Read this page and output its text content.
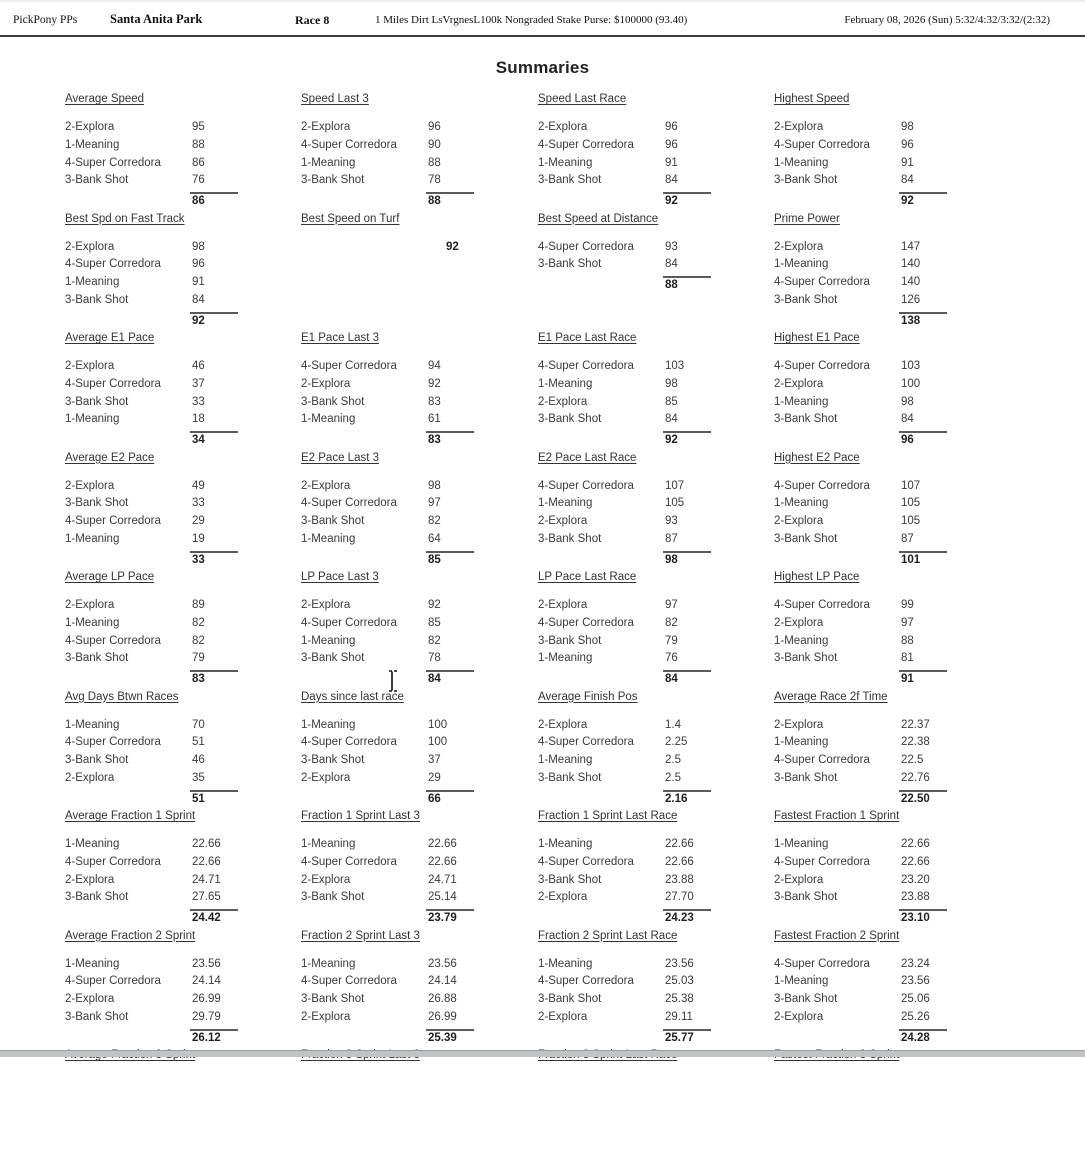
PickPony PPs	Santa Anita Park	Race 8	1 Miles Dirt LsVrgnesL100k Nongraded Stake Purse: $100000 (93.40)	February 08, 2026 (Sun) 5:32/4:32/3:32/(2:32)
Summaries
Average Speed
2-Explora	95
1-Meaning	88
4-Super Corredora	86
3-Bank Shot	76
86
Speed Last 3
2-Explora	96
4-Super Corredora	90
1-Meaning	88
3-Bank Shot	78
88
Speed Last Race
2-Explora	96
4-Super Corredora	96
1-Meaning	91
3-Bank Shot	84
92
Highest Speed
2-Explora	98
4-Super Corredora	96
1-Meaning	91
3-Bank Shot	84
92
Best Spd on Fast Track
2-Explora	98
4-Super Corredora	96
1-Meaning	91
3-Bank Shot	84
92
Best Speed on Turf
92
Best Speed at Distance
4-Super Corredora	93
3-Bank Shot	84
88
Prime Power
2-Explora	147
1-Meaning	140
4-Super Corredora	140
3-Bank Shot	126
138
Average E1 Pace
2-Explora	46
4-Super Corredora	37
3-Bank Shot	33
1-Meaning	18
34
E1 Pace Last 3
4-Super Corredora	94
2-Explora	92
3-Bank Shot	83
1-Meaning	61
83
E1 Pace Last Race
4-Super Corredora	103
1-Meaning	98
2-Explora	85
3-Bank Shot	84
92
Highest E1 Pace
4-Super Corredora	103
2-Explora	100
1-Meaning	98
3-Bank Shot	84
96
Average E2 Pace
2-Explora	49
3-Bank Shot	33
4-Super Corredora	29
1-Meaning	19
33
E2 Pace Last 3
2-Explora	98
4-Super Corredora	97
3-Bank Shot	82
1-Meaning	64
85
E2 Pace Last Race
4-Super Corredora	107
1-Meaning	105
2-Explora	93
3-Bank Shot	87
98
Highest E2 Pace
4-Super Corredora	107
1-Meaning	105
2-Explora	105
3-Bank Shot	87
101
Average LP Pace
2-Explora	89
1-Meaning	82
4-Super Corredora	82
3-Bank Shot	79
83
LP Pace Last 3
2-Explora	92
4-Super Corredora	85
1-Meaning	82
3-Bank Shot	78
84
LP Pace Last Race
2-Explora	97
4-Super Corredora	82
3-Bank Shot	79
1-Meaning	76
84
Highest LP Pace
4-Super Corredora	99
2-Explora	97
1-Meaning	88
3-Bank Shot	81
91
Avg Days Btwn Races
1-Meaning	70
4-Super Corredora	51
3-Bank Shot	46
2-Explora	35
51
Days since last race
1-Meaning	100
4-Super Corredora	100
3-Bank Shot	37
2-Explora	29
66
Average Finish Pos
2-Explora	1.4
4-Super Corredora	2.25
1-Meaning	2.5
3-Bank Shot	2.5
2.16
Average Race 2f Time
2-Explora	22.37
1-Meaning	22.38
4-Super Corredora	22.5
3-Bank Shot	22.76
22.50
Average Fraction 1 Sprint
1-Meaning	22.66
4-Super Corredora	22.66
2-Explora	24.71
3-Bank Shot	27.65
24.42
Fraction 1 Sprint Last 3
1-Meaning	22.66
4-Super Corredora	22.66
2-Explora	24.71
3-Bank Shot	25.14
23.79
Fraction 1 Sprint Last Race
1-Meaning	22.66
4-Super Corredora	22.66
3-Bank Shot	23.88
2-Explora	27.70
24.23
Fastest Fraction 1 Sprint
1-Meaning	22.66
4-Super Corredora	22.66
2-Explora	23.20
3-Bank Shot	23.88
23.10
Average Fraction 2 Sprint
1-Meaning	23.56
4-Super Corredora	24.14
2-Explora	26.99
3-Bank Shot	29.79
26.12
Fraction 2 Sprint Last 3
1-Meaning	23.56
4-Super Corredora	24.14
3-Bank Shot	26.88
2-Explora	26.99
25.39
Fraction 2 Sprint Last Race
1-Meaning	23.56
4-Super Corredora	25.03
3-Bank Shot	25.38
2-Explora	29.11
25.77
Fastest Fraction 2 Sprint
4-Super Corredora	23.24
1-Meaning	23.56
3-Bank Shot	25.06
2-Explora	25.26
24.28
